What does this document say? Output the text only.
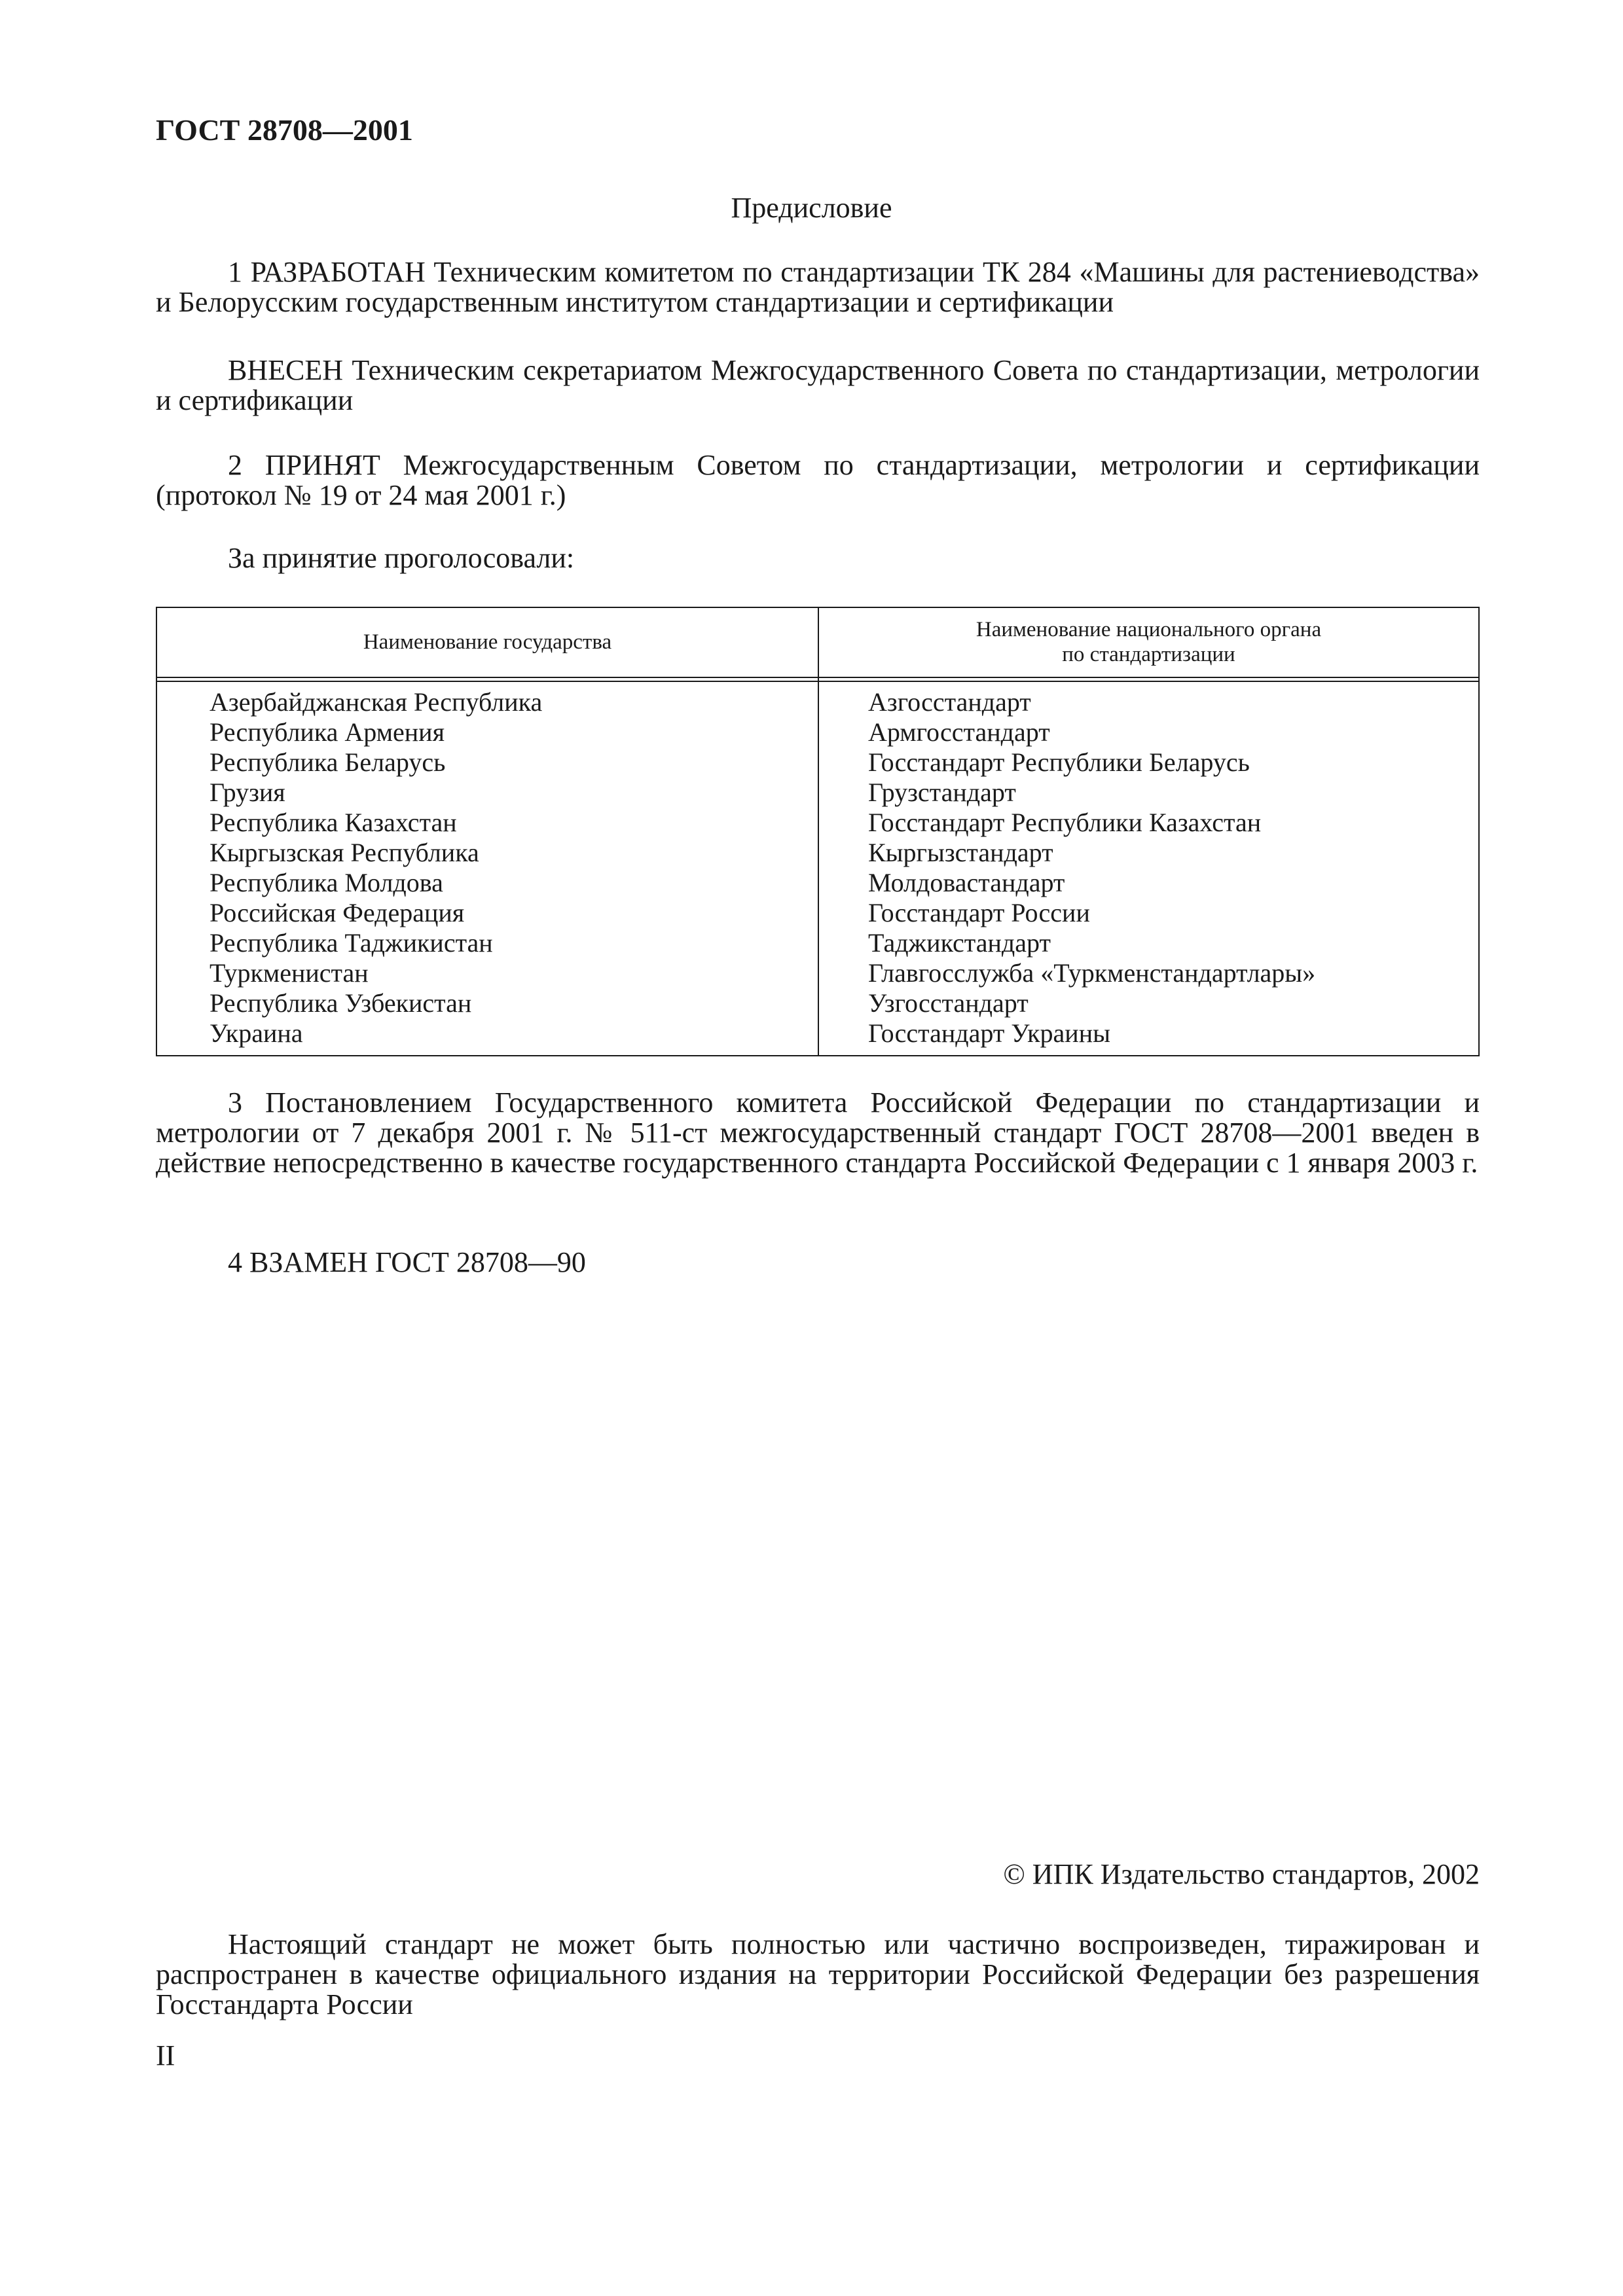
ГОСТ 28708—2001
Предисловие

1 РАЗРАБОТАН Техническим комитетом по стандартизации ТК 284 «Машины для растениеводства» и Белорусским государственным институтом стандартизации и сертификации

ВНЕСЕН Техническим секретариатом Межгосударственного Совета по стандартизации, метрологии и сертификации

2 ПРИНЯТ Межгосударственным Советом по стандартизации, метрологии и сертификации (протокол № 19 от 24 мая 2001 г.)

За принятие проголосовали:

Наименование государства
Наименование национального органа
по стандартизации
Азербайджанская Республика
Республика Армения
Республика Беларусь
Грузия
Республика Казахстан
Кыргызская Республика
Республика Молдова
Российская Федерация
Республика Таджикистан
Туркменистан
Республика Узбекистан
Украина
Азгосстандарт
Армгосстандарт
Госстандарт Республики Беларусь
Грузстандарт
Госстандарт Республики Казахстан
Кыргызстандарт
Молдовастандарт
Госстандарт России
Таджикстандарт
Главгосслужба «Туркменстандартлары»
Узгосстандарт
Госстандарт Украины

3 Постановлением Государственного комитета Российской Федерации по стандартизации и метрологии от 7 декабря 2001 г. № 511-ст межгосударственный стандарт ГОСТ 28708—2001 введен в действие непосредственно в качестве государственного стандарта Российской Федерации с 1 января 2003 г.

4 ВЗАМЕН ГОСТ 28708—90

© ИПК Издательство стандартов, 2002

Настоящий стандарт не может быть полностью или частично воспроизведен, тиражирован и распространен в качестве официального издания на территории Российской Федерации без разрешения Госстандарта России

II
